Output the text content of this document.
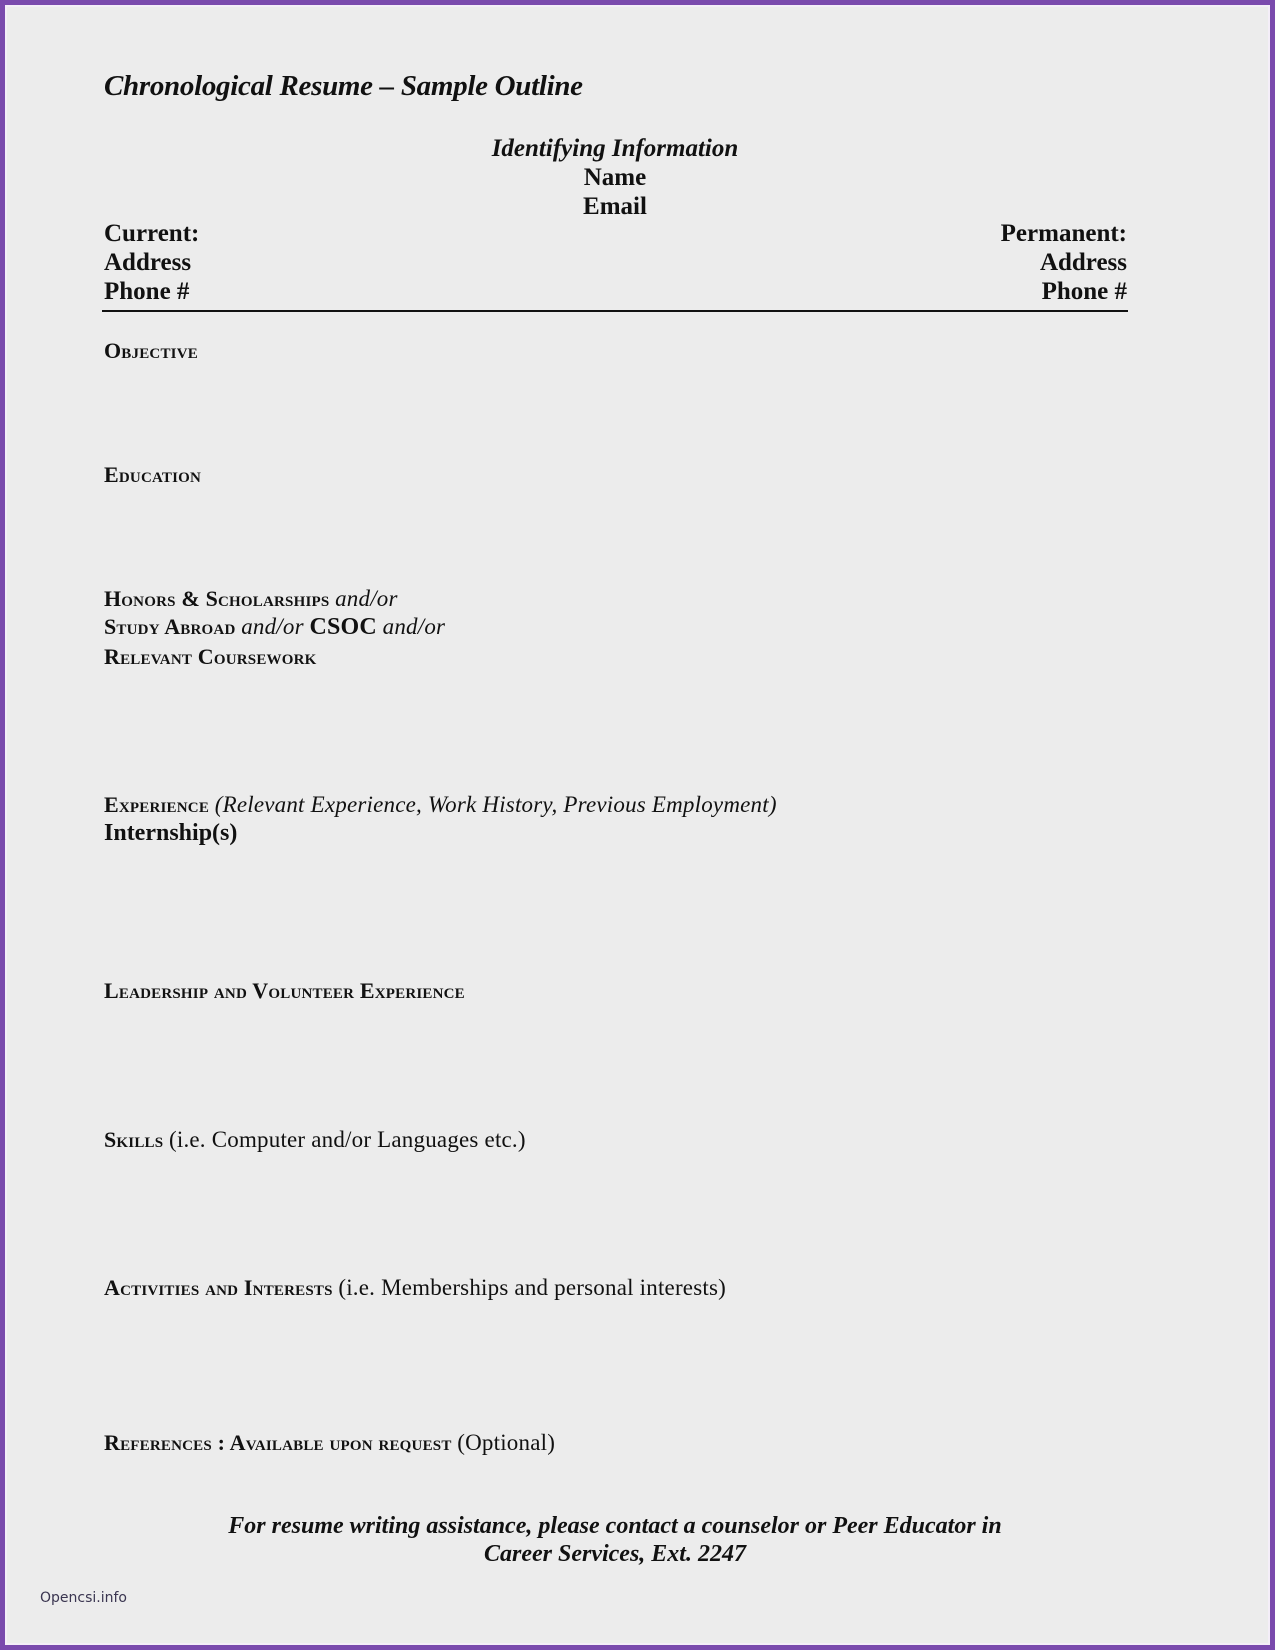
Chronological Resume – Sample Outline
Identifying Information
Name
Email
Current:
Address
Phone #
Permanent:
Address
Phone #
Objective
Education
Honors & Scholarships and/or
Study Abroad and/or CSOC and/or
Relevant Coursework
Experience (Relevant Experience, Work History, Previous Employment)
Internship(s)
Leadership and Volunteer Experience
Skills (i.e. Computer and/or Languages etc.)
Activities and Interests (i.e. Memberships and personal interests)
References : Available upon request (Optional)
For resume writing assistance, please contact a counselor or Peer Educator in
Career Services, Ext. 2247
Opencsi.info
